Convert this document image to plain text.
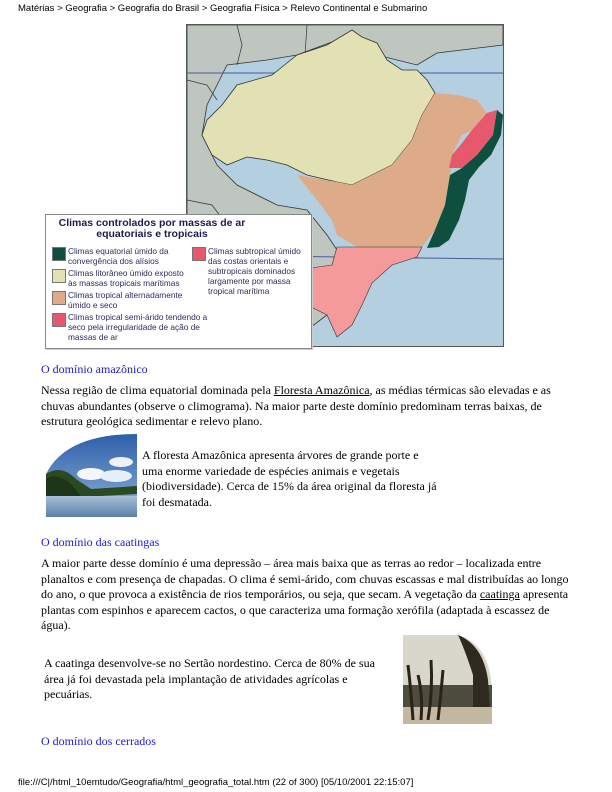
Matérias > Geografia > Geografia do Brasil > Geografia Física > Relevo Continental e Submarino
Climas controlados por massas de ar equatoriais e tropicais
Climas equatorial úmido da convergência dos alísios
Climas litorâneo úmido exposto às massas tropicais marítimas
Climas tropical alternadamente úmido e seco
Climas tropical semi-árido tendendo a seco pela irregularidade de ação de massas de ar
Climas subtropical úmido das costas orientais e subtropicais dominados largamente por massa tropical marítima
O domínio amazônico
Nessa região de clima equatorial dominada pela Floresta Amazônica, as médias térmicas são elevadas e as chuvas abundantes (observe o climograma). Na maior parte deste domínio predominam terras baixas, de estrutura geológica sedimentar e relevo plano.
A floresta Amazônica apresenta árvores de grande porte e uma enorme variedade de espécies animais e vegetais (biodiversidade). Cerca de 15% da área original da floresta já foi desmatada.
O domínio das caatingas
A maior parte desse domínio é uma depressão – área mais baixa que as terras ao redor – localizada entre planaltos e com presença de chapadas. O clima é semi-árido, com chuvas escassas e mal distribuídas ao longo do ano, o que provoca a existência de rios temporários, ou seja, que secam. A vegetação da caatinga apresenta plantas com espinhos e aparecem cactos, o que caracteriza uma formação xerófila (adaptada à escassez de água).
A caatinga desenvolve-se no Sertão nordestino. Cerca de 80% de sua área já foi devastada pela implantação de atividades agrícolas e pecuárias.
O domínio dos cerrados
file:///C|/html_10emtudo/Geografia/html_geografia_total.htm (22 of 300) [05/10/2001 22:15:07]
